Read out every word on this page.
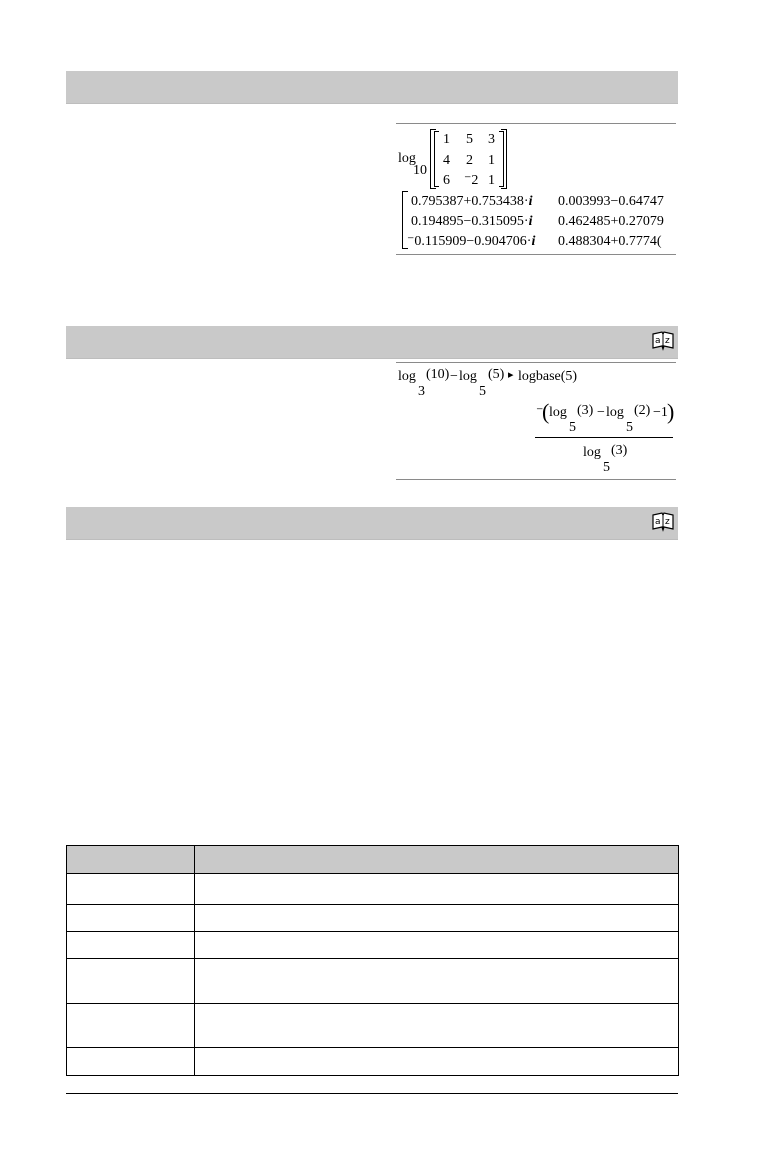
log
10
1 5 3
4 2 1
6 ⁻2 1
0.795387+0.753438·i 0.003993−0.64747
0.194895−0.315095·i 0.462485+0.27079
⁻0.115909−0.904706·i 0.488304+0.7774(
a z
log
3
(10) − log
5
(5) ▸ logbase(5)
⁻
( log
5
(3) − log
5
(2) −1 )
log
5
(3)
a z
